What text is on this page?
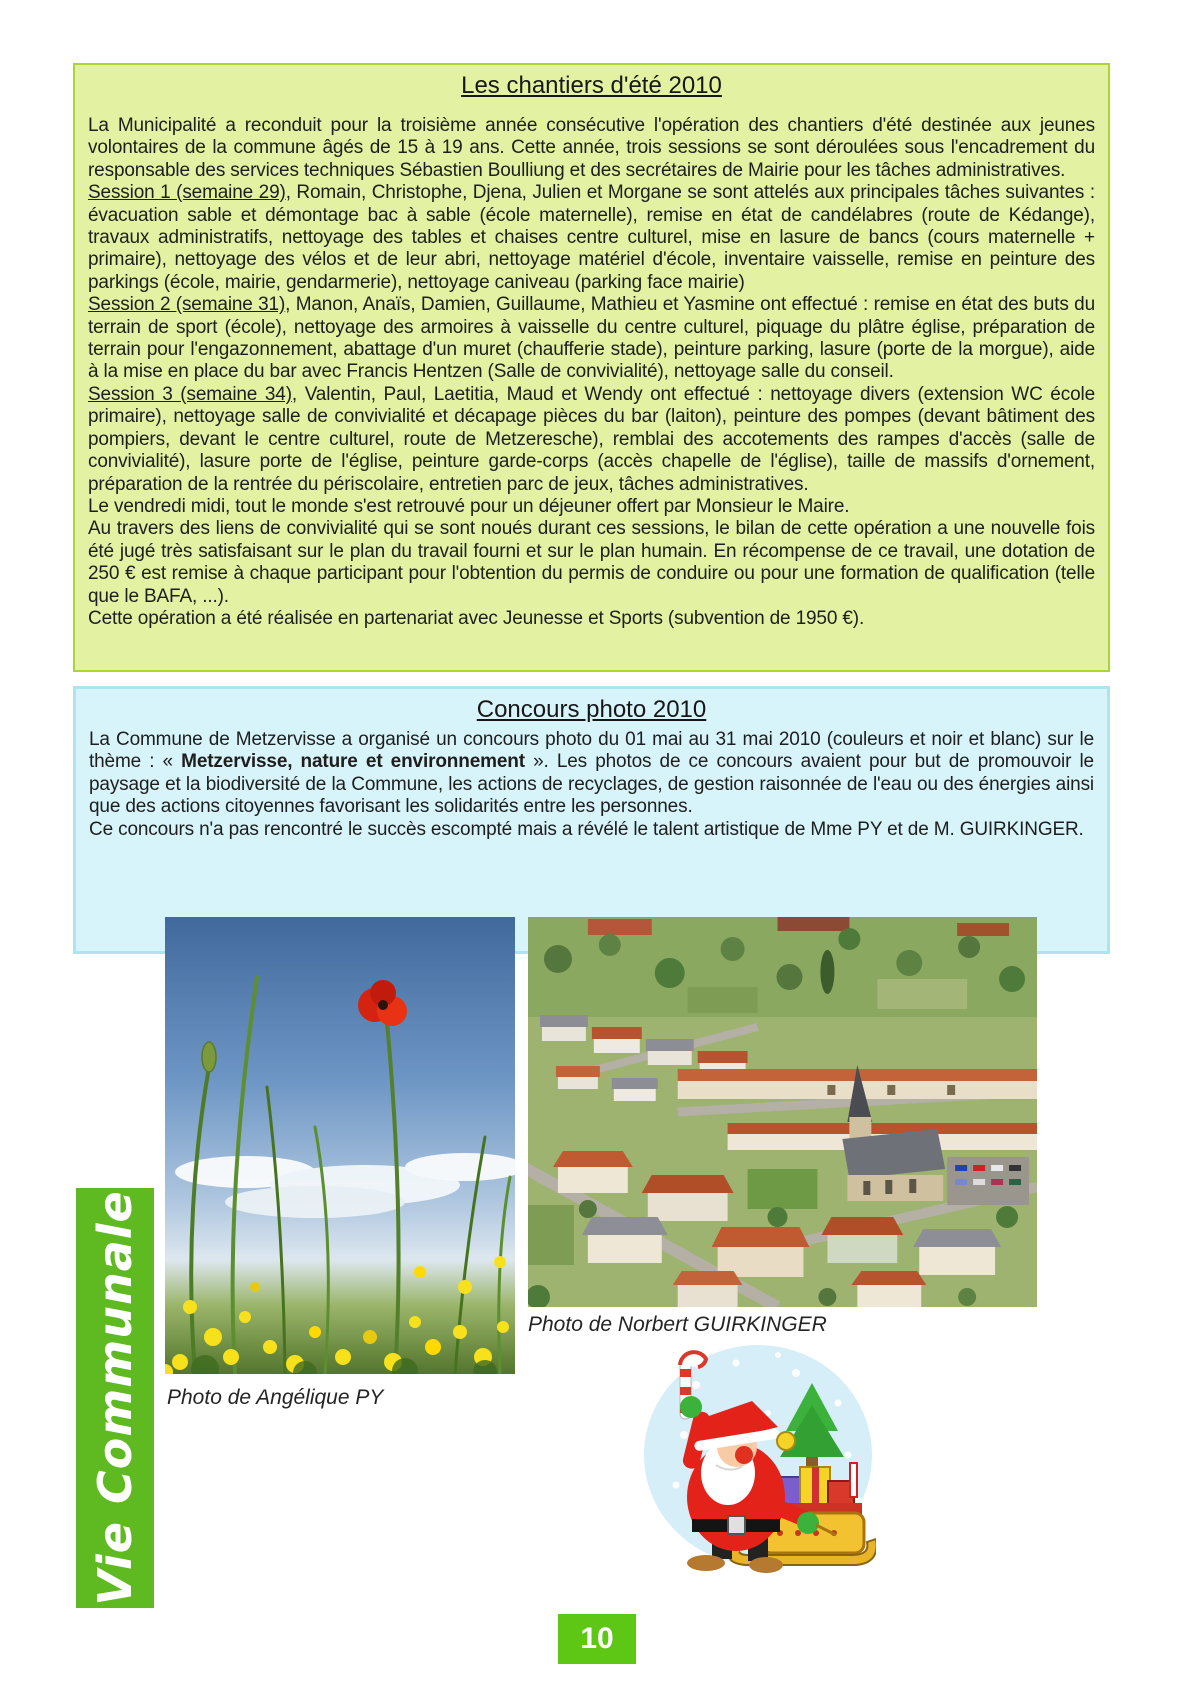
Les chantiers d'été 2010

La Municipalité a reconduit pour la troisième année consécutive l'opération des chantiers d'été destinée aux jeunes volontaires de la commune âgés de 15 à 19 ans. Cette année, trois sessions se sont déroulées sous l'encadrement du responsable des services techniques Sébastien Boulliung et des secrétaires de Mairie pour les tâches administratives.

Session 1 (semaine 29), Romain, Christophe, Djena, Julien et Morgane se sont attelés aux principales tâches suivantes : évacuation sable et démontage bac à sable (école maternelle), remise en état de candélabres (route de Kédange), travaux administratifs, nettoyage des tables et chaises centre culturel, mise en lasure de bancs (cours maternelle + primaire), nettoyage des vélos et de leur abri, nettoyage matériel d'école, inventaire vaisselle, remise en peinture des parkings (école, mairie, gendarmerie), nettoyage caniveau (parking face mairie)

Session 2 (semaine 31), Manon, Anaïs, Damien, Guillaume, Mathieu et Yasmine ont effectué : remise en état des buts du terrain de sport (école), nettoyage des armoires à vaisselle du centre culturel, piquage du plâtre église, préparation de terrain pour l'engazonnement, abattage d'un muret (chaufferie stade), peinture parking, lasure (porte de la morgue), aide à la mise en place du bar avec Francis Hentzen (Salle de convivialité), nettoyage salle du conseil.

Session 3 (semaine 34), Valentin, Paul, Laetitia, Maud et Wendy ont effectué : nettoyage divers (extension WC école primaire), nettoyage salle de convivialité et décapage pièces du bar (laiton), peinture des pompes (devant bâtiment des pompiers, devant le centre culturel, route de Metzeresche), remblai des accotements des rampes d'accès (salle de convivialité), lasure porte de l'église, peinture garde-corps (accès chapelle de l'église), taille de massifs d'ornement, préparation de la rentrée du périscolaire, entretien parc de jeux, tâches administratives.

Le vendredi midi, tout le monde s'est retrouvé pour un déjeuner offert par Monsieur le Maire.

Au travers des liens de convivialité qui se sont noués durant ces sessions, le bilan de cette opération a une nouvelle fois été jugé très satisfaisant sur le plan du travail fourni et sur le plan humain. En récompense de ce travail, une dotation de 250 € est remise à chaque participant pour l'obtention du permis de conduire ou pour une formation de qualification (telle que le BAFA, ...).

Cette opération a été réalisée en partenariat avec Jeunesse et Sports (subvention de 1950 €).

Concours photo 2010

La Commune de Metzervisse a organisé un concours photo du 01 mai au 31 mai 2010 (couleurs et noir et blanc) sur le thème : « Metzervisse, nature et environnement ». Les photos de ce concours avaient pour but de promouvoir le paysage et la biodiversité de la Commune, les actions de recyclages, de gestion raisonnée de l'eau ou des énergies ainsi que des actions citoyennes favorisant les solidarités entre les personnes.
Ce concours n'a pas rencontré le succès escompté mais a révélé le talent artistique de Mme PY et de M. GUIRKINGER.

Photo de Norbert GUIRKINGER
Photo de Angélique PY
Vie Communale
10
